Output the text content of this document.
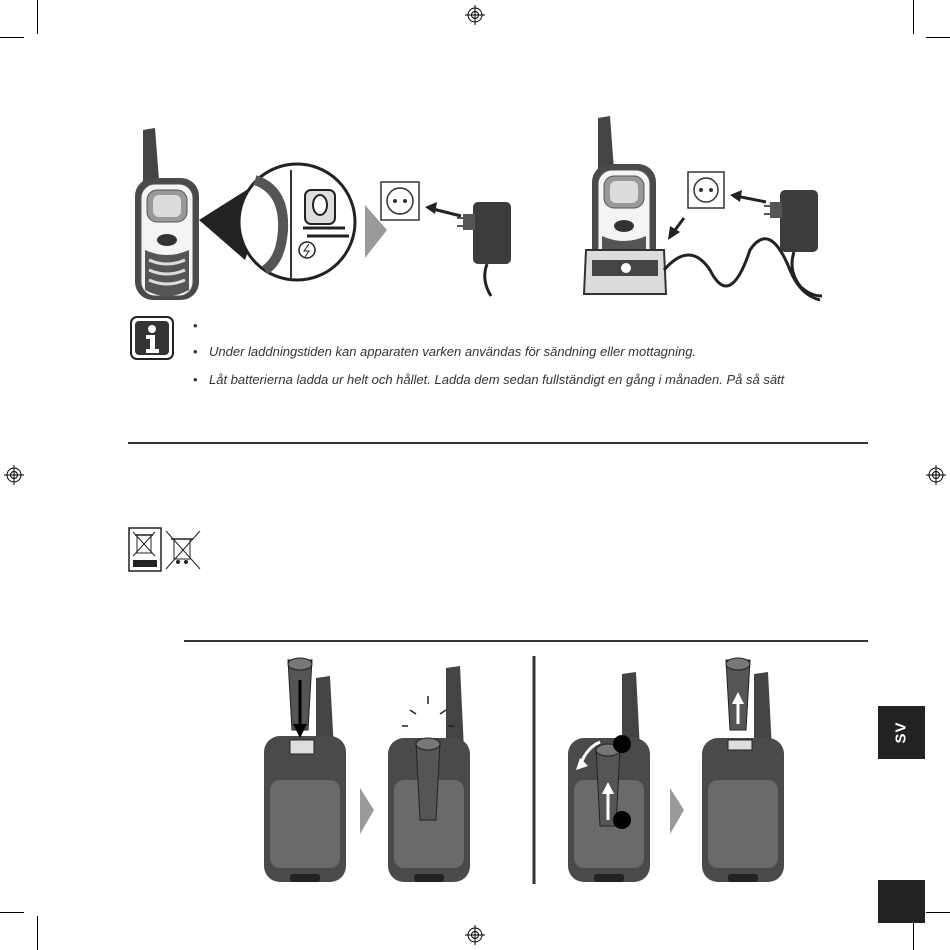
•
• Under laddningstiden kan apparaten varken användas för sändning eller mottagning.
• Låt batterierna ladda ur helt och hållet. Ladda dem sedan fullständigt en gång i månaden. På så sätt
SV
